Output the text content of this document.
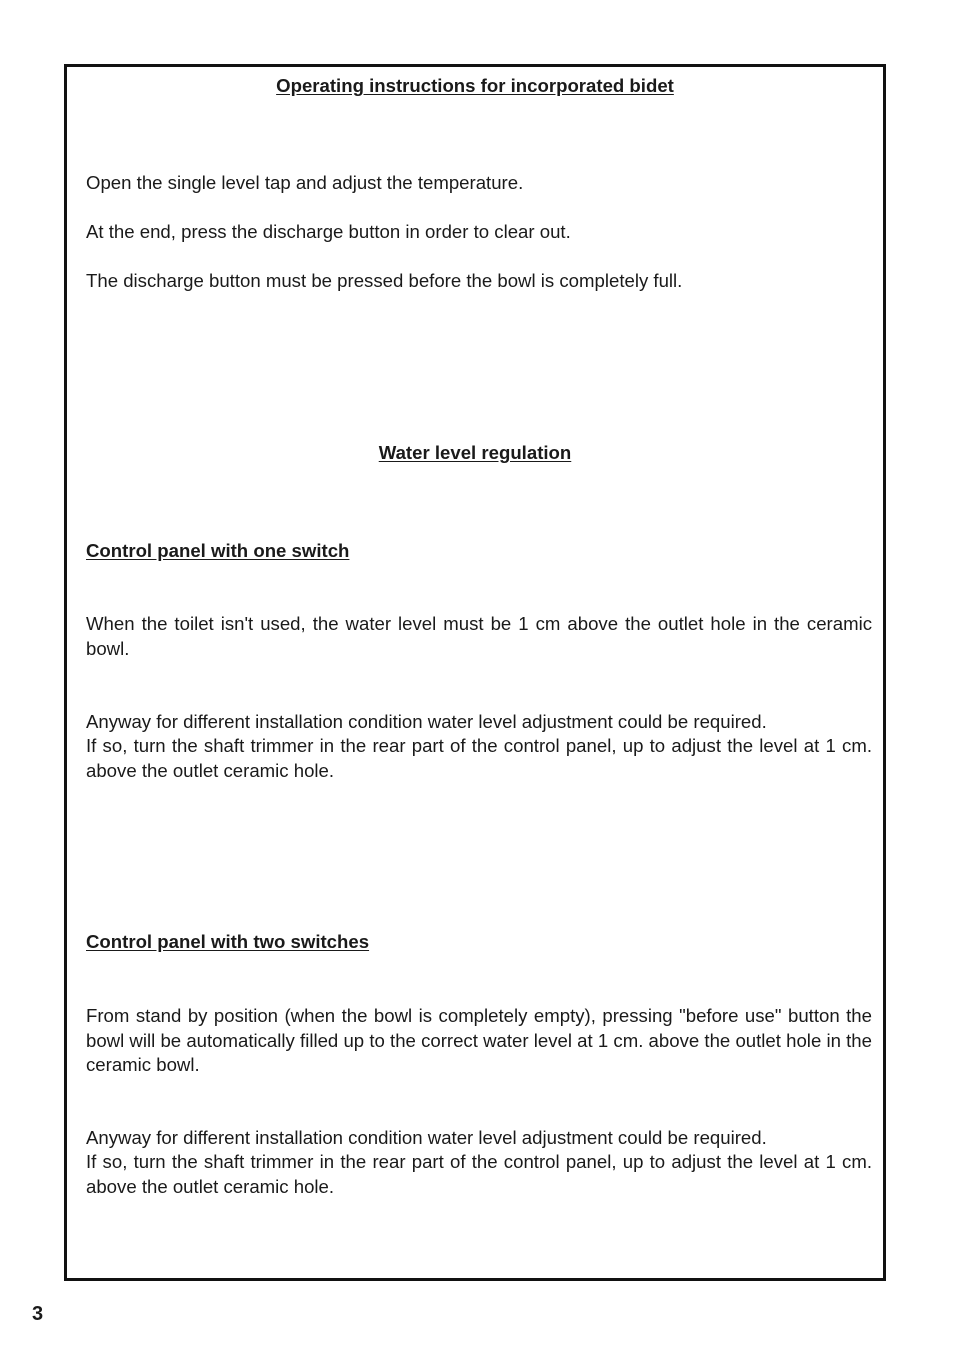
Operating instructions for incorporated bidet

Open the single level tap and adjust the temperature.

At the end, press the discharge button in order to clear out.

The discharge button must be pressed before the bowl is completely full.

Water level regulation
Control panel with one switch

When the toilet isn't used, the water level must be 1 cm above the outlet hole in the ceramic bowl.

Anyway for different installation condition water level adjustment could be required.

If so, turn the shaft trimmer in the rear part of the control panel, up to adjust the level at 1 cm. above the outlet ceramic hole.

Control panel with two switches

From stand by position (when the bowl is completely empty), pressing "before use" button the bowl will be automatically filled up to the correct water level at 1 cm. above the outlet hole in the ceramic bowl.

Anyway for different installation condition water level adjustment could be required.

If so, turn the shaft trimmer in the rear part of the control panel, up to adjust the level at 1 cm. above the outlet ceramic hole.

3
